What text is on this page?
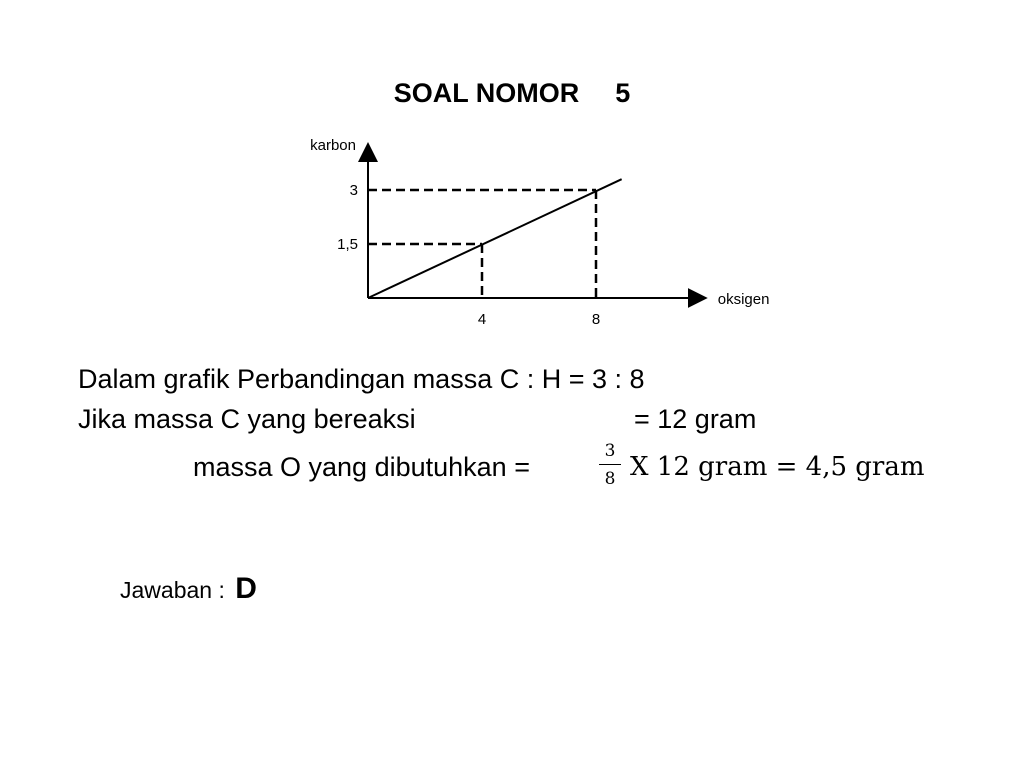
SOAL NOMOR 5
karbon
oksigen
4	8
1,5
3
Dalam grafik Perbandingan massa C : H = 3 : 8
Jika massa C yang bereaksi	= 12 gram
massa O yang dibutuhkan =
3
8 X 12 gram = 4,5 gram
Jawaban : D
